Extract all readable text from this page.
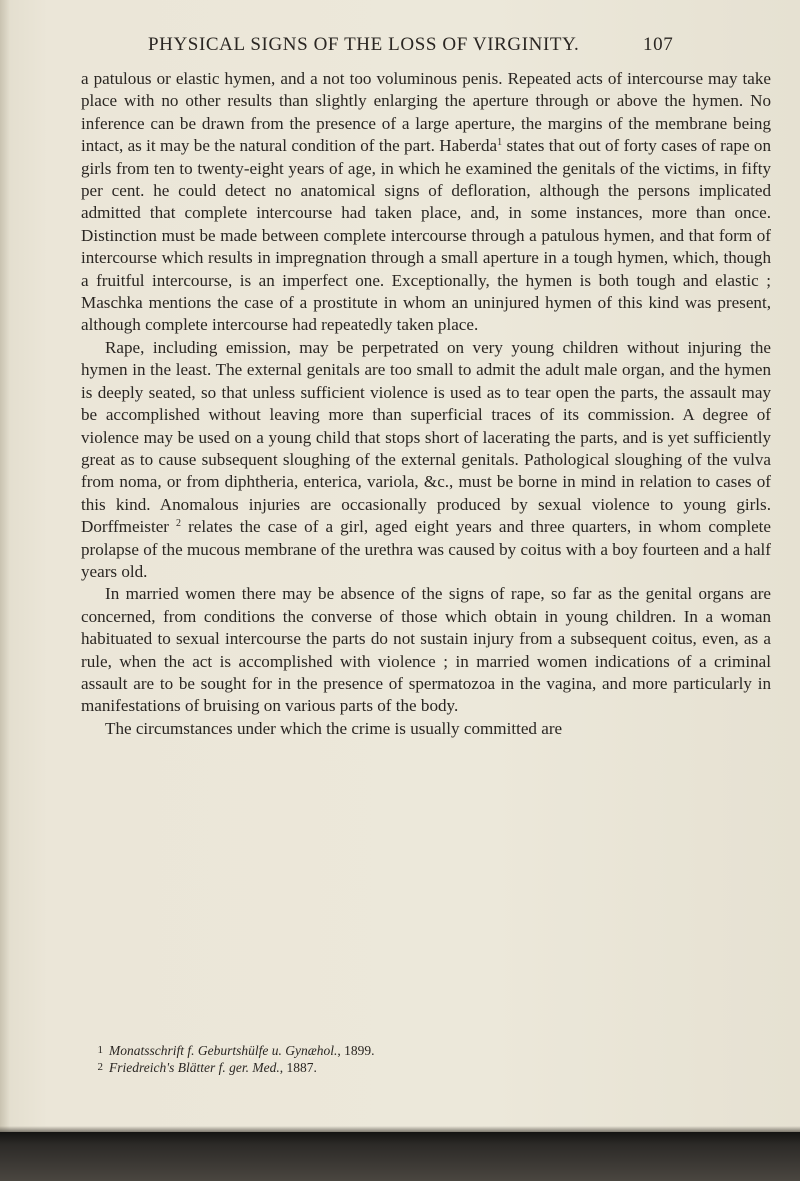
PHYSICAL SIGNS OF THE LOSS OF VIRGINITY.	107

a patulous or elastic hymen, and a not too voluminous penis. Repeated acts of intercourse may take place with no other results than slightly enlarging the aperture through or above the hymen. No inference can be drawn from the presence of a large aperture, the margins of the membrane being intact, as it may be the natural condition of the part. Haberda$^1$ states that out of forty cases of rape on girls from ten to twenty-eight years of age, in which he examined the genitals of the victims, in fifty per cent. he could detect no anatomical signs of defloration, although the persons implicated admitted that complete intercourse had taken place, and, in some instances, more than once. Distinction must be made between complete intercourse through a patulous hymen, and that form of intercourse which results in impregnation through a small aperture in a tough hymen, which, though a fruitful intercourse, is an imperfect one. Exceptionally, the hymen is both tough and elastic ; Maschka mentions the case of a prostitute in whom an uninjured hymen of this kind was present, although complete intercourse had repeatedly taken place.

Rape, including emission, may be perpetrated on very young children without injuring the hymen in the least. The external genitals are too small to admit the adult male organ, and the hymen is deeply seated, so that unless sufficient violence is used as to tear open the parts, the assault may be accomplished without leaving more than superficial traces of its commission. A degree of violence may be used on a young child that stops short of lacerating the parts, and is yet sufficiently great as to cause subsequent sloughing of the external genitals. Pathological sloughing of the vulva from noma, or from diphtheria, enterica, variola, &c., must be borne in mind in relation to cases of this kind. Anomalous injuries are occasionally produced by sexual violence to young girls. Dorffmeister $^2$ relates the case of a girl, aged eight years and three quarters, in whom complete prolapse of the mucous membrane of the urethra was caused by coitus with a boy fourteen and a half years old.

In married women there may be absence of the signs of rape, so far as the genital organs are concerned, from conditions the converse of those which obtain in young children. In a woman habituated to sexual intercourse the parts do not sustain injury from a subsequent coitus, even, as a rule, when the act is accomplished with violence ; in married women indications of a criminal assault are to be sought for in the presence of spermatozoa in the vagina, and more particularly in manifestations of bruising on various parts of the body.

The circumstances under which the crime is usually committed are

1 Monatsschrift f. Geburtshülfe u. Gynæhol., 1899.
2 Friedreich's Blätter f. ger. Med., 1887.
